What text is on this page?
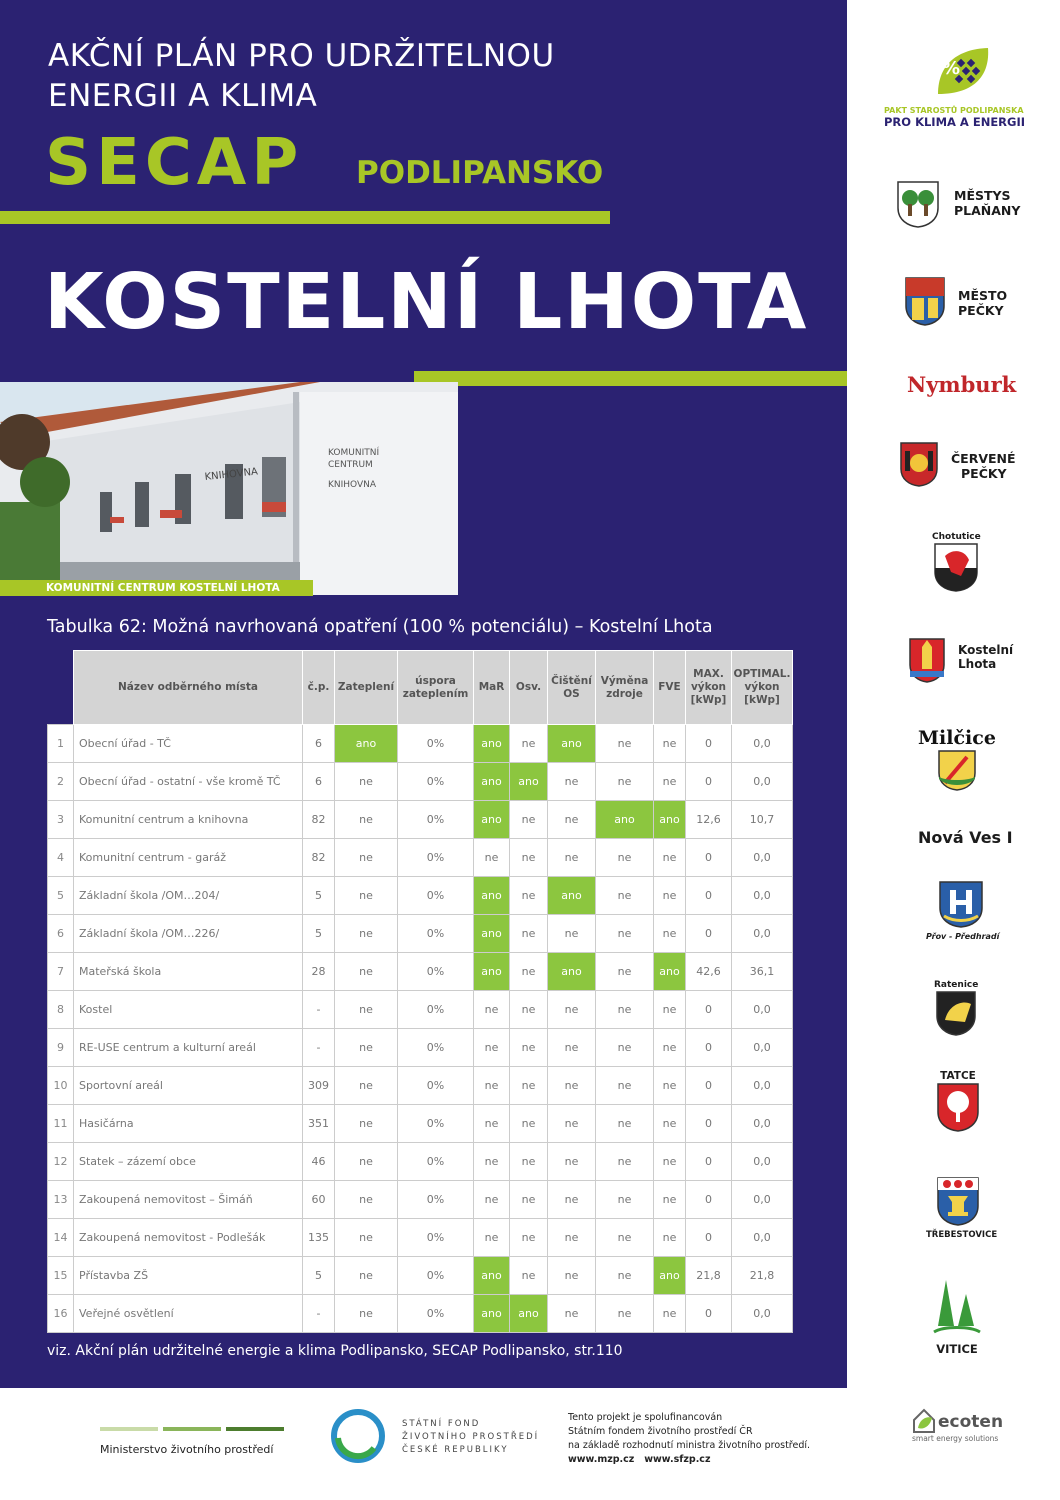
AKČNÍ PLÁN PRO UDRŽITELNOU
ENERGII A KLIMA
SECAP PODLIPANSKO
KOSTELNÍ LHOTA
KOMUNITNÍ
CENTRUM
KNIHOVNA
KNIHOVNA
KOMUNITNÍ CENTRUM KOSTELNÍ LHOTA
Tabulka 62: Možná navrhovaná opatření (100 % potenciálu) – Kostelní Lhota
	Název odběrného místa	č.p.	Zateplení	úspora zateplením	MaR	Osv.	Čištění OS	Výměna zdroje	FVE	MAX. výkon [kWp]	OPTIMAL. výkon [kWp]
1	Obecní úřad - TČ	6	ano	0%	ano	ne	ano	ne	ne	0	0,0
2	Obecní úřad - ostatní - vše kromě TČ	6	ne	0%	ano	ano	ne	ne	ne	0	0,0
3	Komunitní centrum a knihovna	82	ne	0%	ano	ne	ne	ano	ano	12,6	10,7
4	Komunitní centrum - garáž	82	ne	0%	ne	ne	ne	ne	ne	0	0,0
5	Základní škola /OM…204/	5	ne	0%	ano	ne	ano	ne	ne	0	0,0
6	Základní škola /OM…226/	5	ne	0%	ano	ne	ne	ne	ne	0	0,0
7	Mateřská škola	28	ne	0%	ano	ne	ano	ne	ano	42,6	36,1
8	Kostel	-	ne	0%	ne	ne	ne	ne	ne	0	0,0
9	RE-USE centrum a kulturní areál	-	ne	0%	ne	ne	ne	ne	ne	0	0,0
10	Sportovní areál	309	ne	0%	ne	ne	ne	ne	ne	0	0,0
11	Hasičárna	351	ne	0%	ne	ne	ne	ne	ne	0	0,0
12	Statek – zázemí obce	46	ne	0%	ne	ne	ne	ne	ne	0	0,0
13	Zakoupená nemovitost – Šimáň	60	ne	0%	ne	ne	ne	ne	ne	0	0,0
14	Zakoupená nemovitost - Podlešák	135	ne	0%	ne	ne	ne	ne	ne	0	0,0
15	Přístavba ZŠ	5	ne	0%	ano	ne	ne	ne	ano	21,8	21,8
16	Veřejné osvětlení	-	ne	0%	ano	ano	ne	ne	ne	0	0,0
viz. Akční plán udržitelné energie a klima Podlipansko, SECAP Podlipansko, str.110
%
PAKT STAROSTŮ PODLIPANSKA
PRO KLIMA A ENERGII
MĚSTYS
PLAŇANY
MĚSTO
PEČKY
Nymburk
ČERVENÉ
PEČKY
Chotutice
Kostelní
Lhota
Milčice
Nová Ves I
Přov - Předhradí
Ratenice
TATCE
TŘEBESTOVICE
VITICE
Ministerstvo životního prostředí
STÁTNÍ FOND
ŽIVOTNÍHO PROSTŘEDÍ
ČESKÉ REPUBLIKY
Tento projekt je spolufinancován
Státním fondem životního prostředí ČR
na základě rozhodnutí ministra životního prostředí.
www.mzp.cz   www.sfzp.cz
ecoten
smart energy solutions
